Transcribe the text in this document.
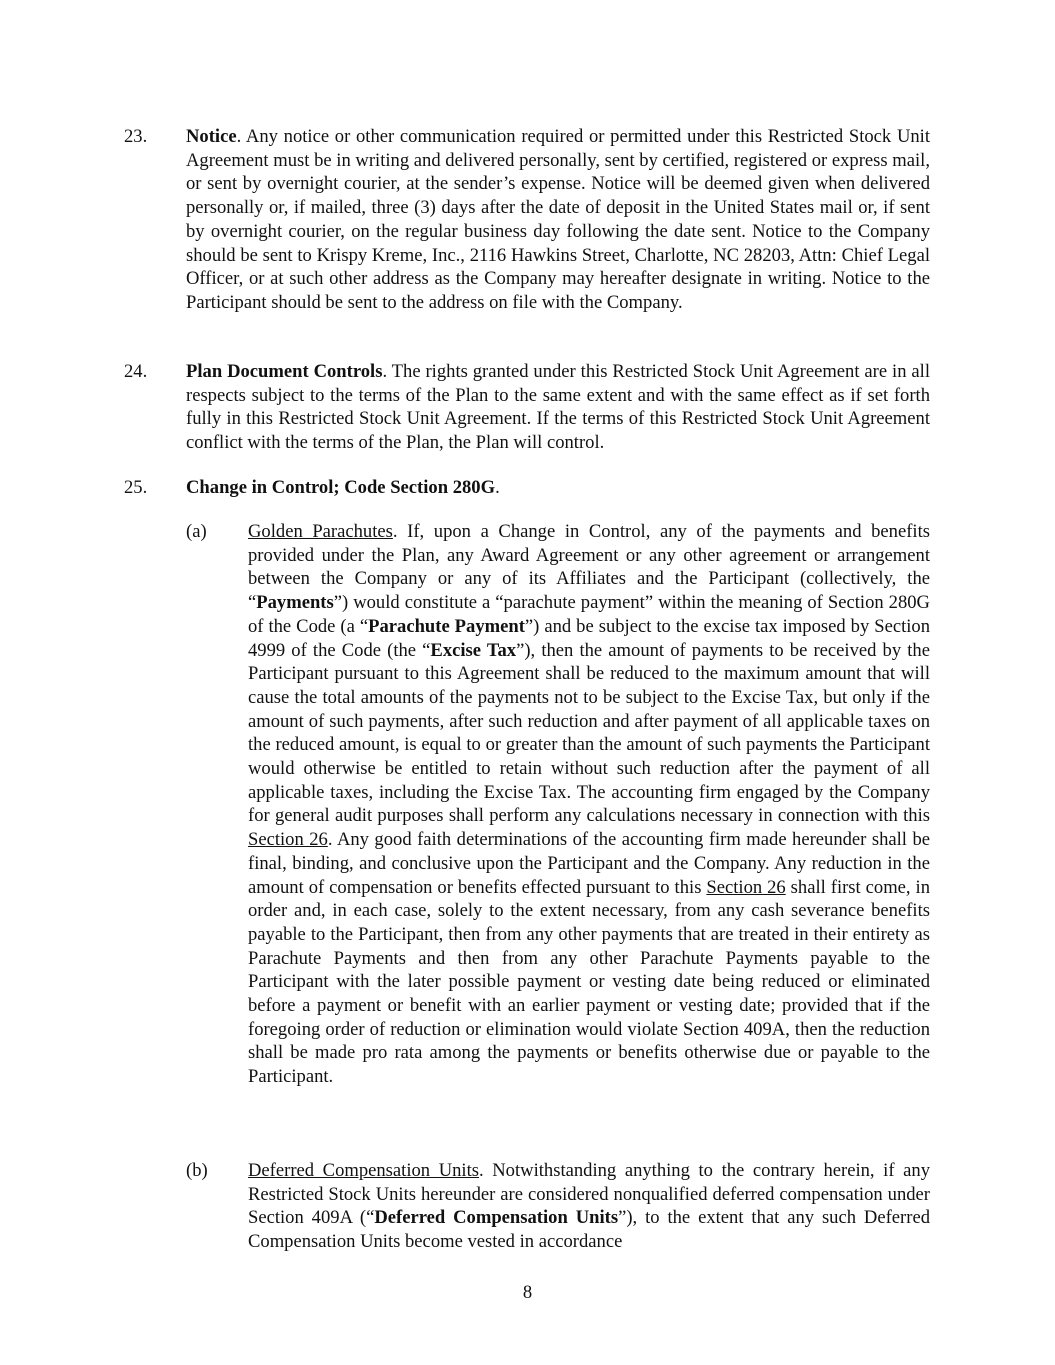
23. Notice. Any notice or other communication required or permitted under this Restricted Stock Unit Agreement must be in writing and delivered personally, sent by certified, registered or express mail, or sent by overnight courier, at the sender’s expense. Notice will be deemed given when delivered personally or, if mailed, three (3) days after the date of deposit in the United States mail or, if sent by overnight courier, on the regular business day following the date sent. Notice to the Company should be sent to Krispy Kreme, Inc., 2116 Hawkins Street, Charlotte, NC 28203, Attn: Chief Legal Officer, or at such other address as the Company may hereafter designate in writing. Notice to the Participant should be sent to the address on file with the Company.

24. Plan Document Controls. The rights granted under this Restricted Stock Unit Agreement are in all respects subject to the terms of the Plan to the same extent and with the same effect as if set forth fully in this Restricted Stock Unit Agreement. If the terms of this Restricted Stock Unit Agreement conflict with the terms of the Plan, the Plan will control.

25. Change in Control; Code Section 280G.

(a) Golden Parachutes. If, upon a Change in Control, any of the payments and benefits provided under the Plan, any Award Agreement or any other agreement or arrangement between the Company or any of its Affiliates and the Participant (collectively, the “Payments”) would constitute a “parachute payment” within the meaning of Section 280G of the Code (a “Parachute Payment”) and be subject to the excise tax imposed by Section 4999 of the Code (the “Excise Tax”), then the amount of payments to be received by the Participant pursuant to this Agreement shall be reduced to the maximum amount that will cause the total amounts of the payments not to be subject to the Excise Tax, but only if the amount of such payments, after such reduction and after payment of all applicable taxes on the reduced amount, is equal to or greater than the amount of such payments the Participant would otherwise be entitled to retain without such reduction after the payment of all applicable taxes, including the Excise Tax. The accounting firm engaged by the Company for general audit purposes shall perform any calculations necessary in connection with this Section 26. Any good faith determinations of the accounting firm made hereunder shall be final, binding, and conclusive upon the Participant and the Company. Any reduction in the amount of compensation or benefits effected pursuant to this Section 26 shall first come, in order and, in each case, solely to the extent necessary, from any cash severance benefits payable to the Participant, then from any other payments that are treated in their entirety as Parachute Payments and then from any other Parachute Payments payable to the Participant with the later possible payment or vesting date being reduced or eliminated before a payment or benefit with an earlier payment or vesting date; provided that if the foregoing order of reduction or elimination would violate Section 409A, then the reduction shall be made pro rata among the payments or benefits otherwise due or payable to the Participant.

(b) Deferred Compensation Units. Notwithstanding anything to the contrary herein, if any Restricted Stock Units hereunder are considered nonqualified deferred compensation under Section 409A (“Deferred Compensation Units”), to the extent that any such Deferred Compensation Units become vested in accordance

8
